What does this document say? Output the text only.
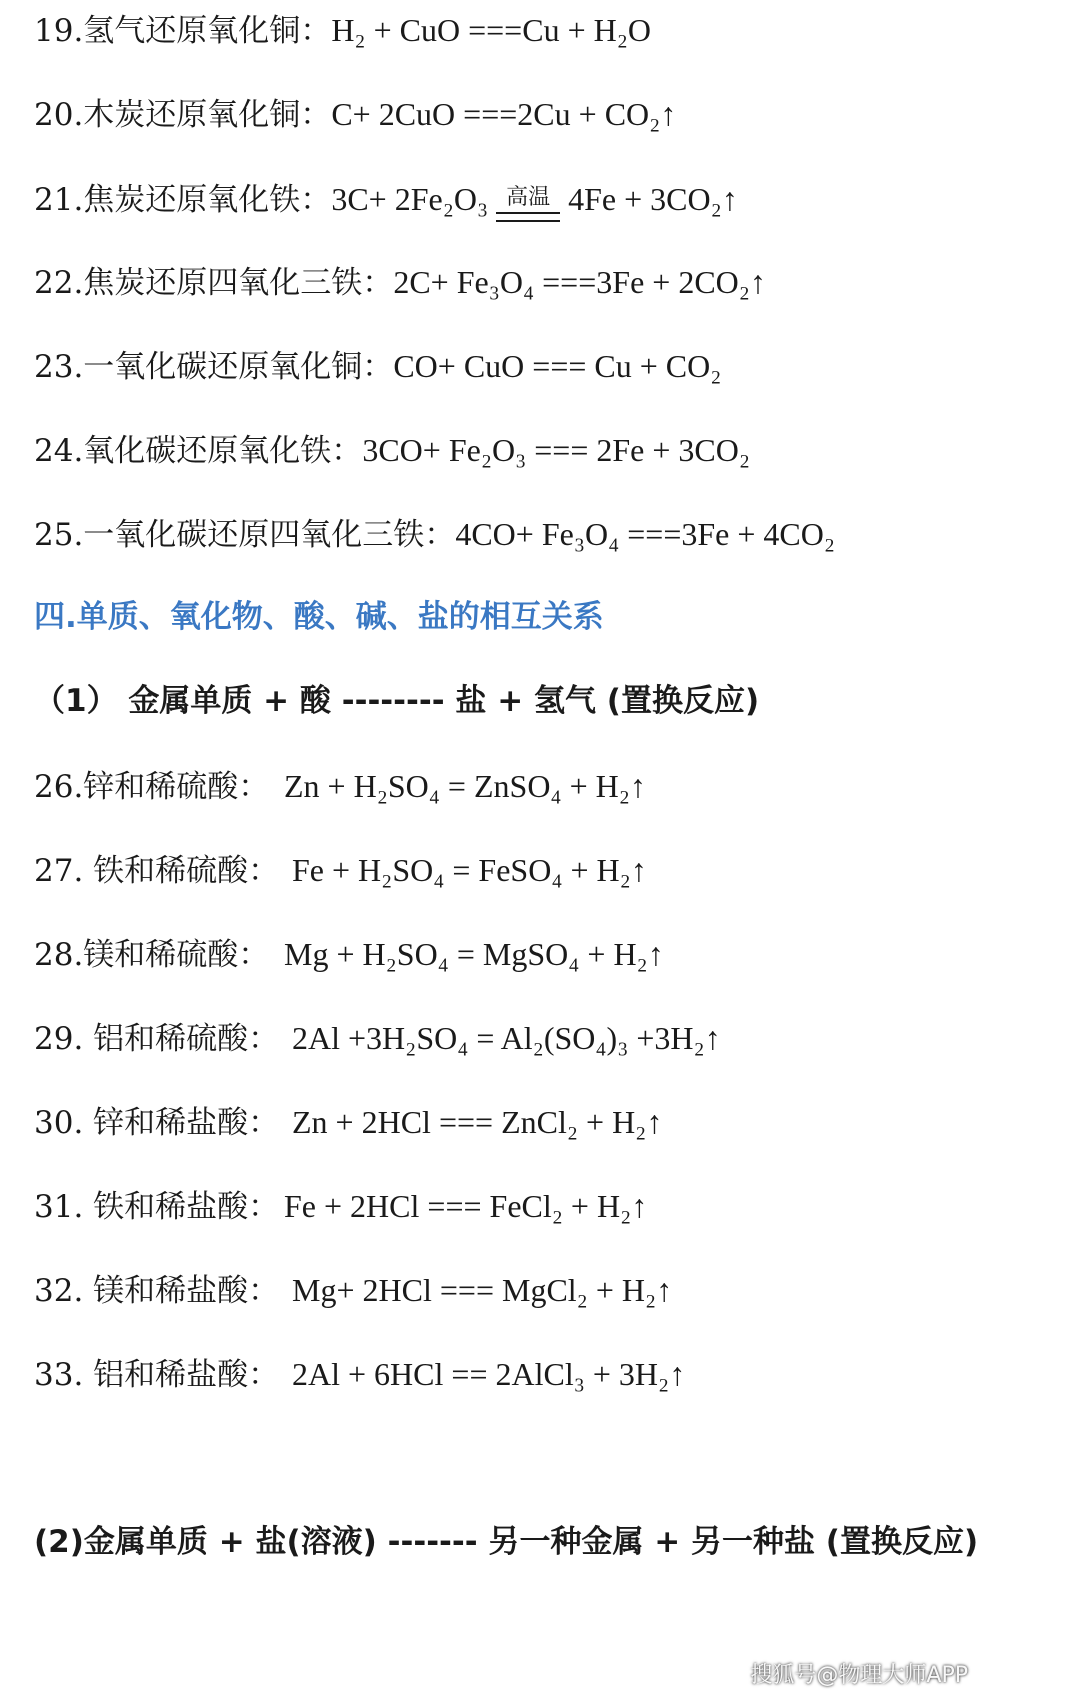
19.氢气还原氧化铜：H₂ + CuO ===Cu + H₂O
20.木炭还原氧化铜：C+ 2CuO ===2Cu + CO₂↑
21.焦炭还原氧化铁：3C+ 2Fe₂O₃ 高温 4Fe + 3CO₂↑
22.焦炭还原四氧化三铁：2C+ Fe₃O₄ ===3Fe + 2CO₂↑
23.一氧化碳还原氧化铜：CO+ CuO === Cu + CO₂
24.氧化碳还原氧化铁：3CO+ Fe₂O₃ === 2Fe + 3CO₂
25.一氧化碳还原四氧化三铁：4CO+ Fe₃O₄ ===3Fe + 4CO₂
四.单质、氧化物、酸、碱、盐的相互关系
（1） 金属单质 + 酸 -------- 盐 + 氢气 (置换反应)
26.锌和稀硫酸： Zn + H₂SO₄ = ZnSO₄ + H₂↑
27. 铁和稀硫酸： Fe + H₂SO₄ = FeSO₄ + H₂↑
28.镁和稀硫酸： Mg + H₂SO₄ = MgSO₄ + H₂↑
29. 铝和稀硫酸： 2Al +3H₂SO₄ = Al₂(SO₄)₃ +3H₂↑
30. 锌和稀盐酸： Zn + 2HCl === ZnCl₂ + H₂↑
31. 铁和稀盐酸： Fe + 2HCl === FeCl₂ + H₂↑
32. 镁和稀盐酸： Mg+ 2HCl === MgCl₂ + H₂↑
33. 铝和稀盐酸： 2Al + 6HCl == 2AlCl₃ + 3H₂↑
(2)金属单质 + 盐(溶液) ------- 另一种金属 + 另一种盐 (置换反应)
搜狐号@物理大师APP
